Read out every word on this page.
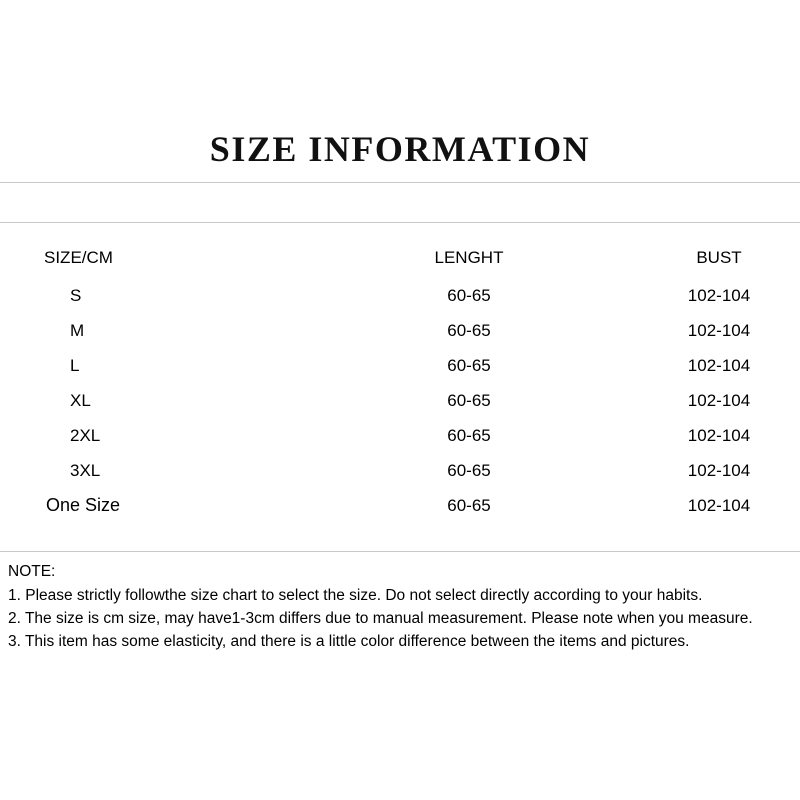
SIZE INFORMATION
SIZE/CM	LENGHT	BUST
S	60-65	102-104
M	60-65	102-104
L	60-65	102-104
XL	60-65	102-104
2XL	60-65	102-104
3XL	60-65	102-104
One Size	60-65	102-104
NOTE:
1. Please strictly followthe size chart to select the size. Do not select directly according to your habits.
2. The size is cm size, may have1-3cm differs due to manual measurement. Please note when you measure.
3. This item has some elasticity, and there is a little color difference between the items and pictures.
